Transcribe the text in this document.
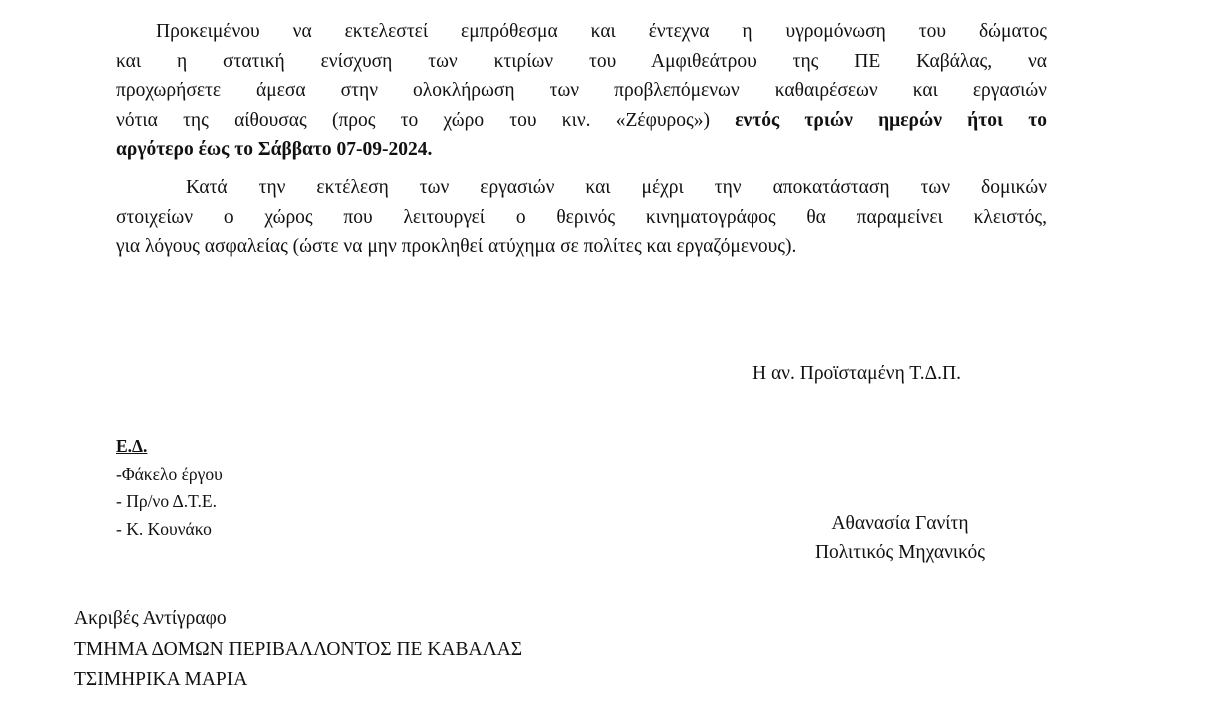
Προκειμένου να εκτελεστεί εμπρόθεσμα και έντεχνα η υγρομόνωση του δώματος
και η στατική ενίσχυση των κτιρίων του Αμφιθεάτρου της ΠΕ Καβάλας, να
προχωρήσετε άμεσα στην ολοκλήρωση των προβλεπόμενων καθαιρέσεων και εργασιών
νότια της αίθουσας (προς το χώρο του κιν. «Ζέφυρος») εντός τριών ημερών ήτοι το
αργότερο έως το Σάββατο 07-09-2024.

Κατά την εκτέλεση των εργασιών και μέχρι την αποκατάσταση των δομικών
στοιχείων ο χώρος που λειτουργεί ο θερινός κινηματογράφος θα παραμείνει κλειστός,
για λόγους ασφαλείας (ώστε να μην προκληθεί ατύχημα σε πολίτες και εργαζόμενους).

Η αν. Προϊσταμένη Τ.Δ.Π.
Ε.Δ.
-Φάκελο έργου
- Πρ/νο Δ.Τ.Ε.
- Κ. Κουνάκο	Αθανασία Γανίτη
Πολιτικός Μηχανικός
Ακριβές Αντίγραφο
ΤΜΗΜΑ ΔΟΜΩΝ ΠΕΡΙΒΑΛΛΟΝΤΟΣ ΠΕ ΚΑΒΑΛΑΣ
ΤΣΙΜΗΡΙΚΑ ΜΑΡΙΑ
